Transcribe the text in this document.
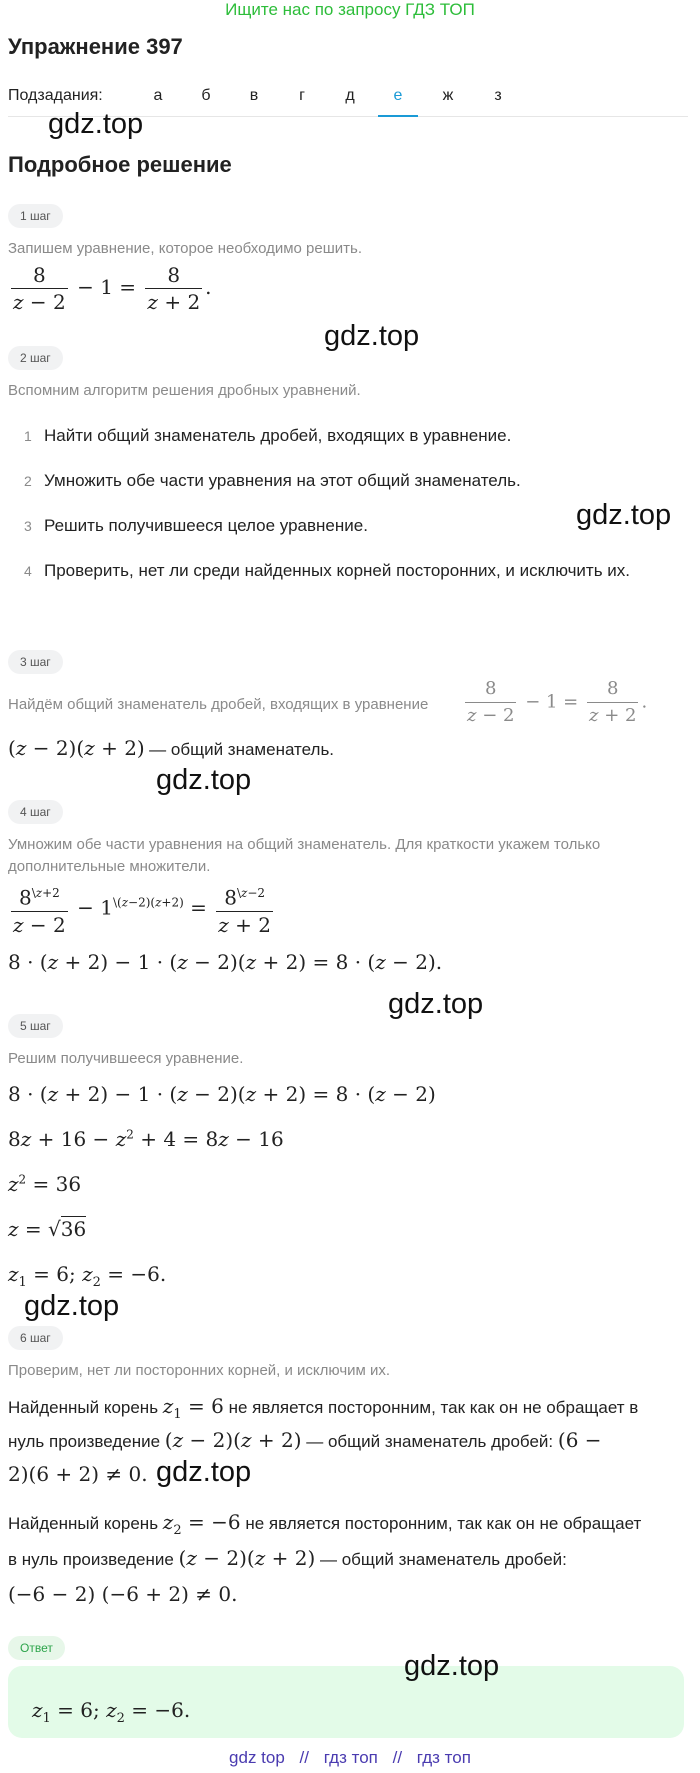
Ищите нас по запросу ГДЗ ТОП
Упражнение 397
Подзадания:	а	б	в	г	д	е	ж	з
gdz.top
Подробное решение
1 шаг
Запишем уравнение, которое необходимо решить.
$\frac{8}{z - 2} - 1 = \frac{8}{z + 2}$ .
gdz.top
2 шаг
Вспомним алгоритм решения дробных уравнений.
1 Найти общий знаменатель дробей, входящих в уравнение.
2 Умножить обе части уравнения на этот общий знаменатель.
3 Решить получившееся целое уравнение.	gdz.top
4 Проверить, нет ли среди найденных корней посторонних, и исключить их.
3 шаг
Найдём общий знаменатель дробей, входящих в уравнение $\frac{8}{z - 2} - 1 = \frac{8}{z + 2}$ .
(z − 2)(z + 2) — общий знаменатель.
gdz.top
4 шаг
Умножим обе части уравнения на общий знаменатель. Для краткости укажем только дополнительные множители.
$\frac{8^{\backslash z+2}}{z - 2} - 1^{\backslash(z-2)(z+2)} = \frac{8^{\backslash z-2}}{z + 2}$
8 · (z + 2) − 1 · (z − 2)(z + 2) = 8 · (z − 2).
gdz.top
5 шаг
Решим получившееся уравнение.
8 · (z + 2) − 1 · (z − 2)(z + 2) = 8 · (z − 2)
$8z + 16 - z^2 + 4 = 8z - 16$
$z^2 = 36$
z = √36
$z_1 = 6$; $z_2 = -6$.
gdz.top
6 шаг
Проверим, нет ли посторонних корней, и исключим их.
Найденный корень $z_1 = 6$ не является посторонним, так как он не обращает в
нуль произведение (z − 2)(z + 2) — общий знаменатель дробей: (6 −
2)(6 + 2) ≠ 0. gdz.top
Найденный корень $z_2 = -6$ не является посторонним, так как он не обращает
в нуль произведение (z − 2)(z + 2) — общий знаменатель дробей:
(−6 − 2) (−6 + 2) ≠ 0.
Ответ
gdz.top
$z_1 = 6$; $z_2 = -6$.
gdz top // гдз топ // гдз топ
